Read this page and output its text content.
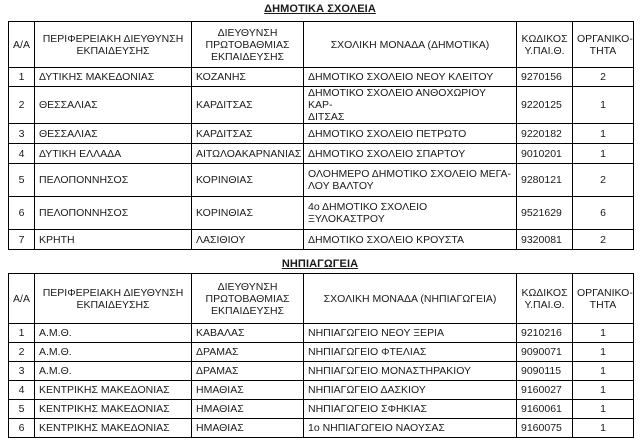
ΔΗΜΟΤΙΚΑ ΣΧΟΛΕΙΑ
Α/Α	ΠΕΡΙΦΕΡΕΙΑΚΗ ΔΙΕΥΘΥΝΣΗ ΕΚΠΑΙΔΕΥΣΗΣ	ΔΙΕΥΘΥΝΣΗ ΠΡΩΤΟΒΑΘΜΙΑΣ ΕΚΠΑΙΔΕΥΣΗΣ	ΣΧΟΛΙΚΗ ΜΟΝΑΔΑ (ΔΗΜΟΤΙΚΑ)	ΚΩΔΙΚΟΣ Υ.ΠΑΙ.Θ.	ΟΡΓΑΝΙΚΟ-ΤΗΤΑ
1	ΔΥΤΙΚΗΣ ΜΑΚΕΔΟΝΙΑΣ	ΚΟΖΑΝΗΣ	ΔΗΜΟΤΙΚΟ ΣΧΟΛΕΙΟ ΝΕΟΥ ΚΛΕΙΤΟΥ	9270156	2
2	ΘΕΣΣΑΛΙΑΣ	ΚΑΡΔΙΤΣΑΣ	ΔΗΜΟΤΙΚΟ ΣΧΟΛΕΙΟ ΑΝΘΟΧΩΡΙΟΥ ΚΑΡ-
ΔΙΤΣΑΣ	9220125	1
3	ΘΕΣΣΑΛΙΑΣ	ΚΑΡΔΙΤΣΑΣ	ΔΗΜΟΤΙΚΟ ΣΧΟΛΕΙΟ ΠΕΤΡΩΤΟ	9220182	1
4	ΔΥΤΙΚΗ ΕΛΛΑΔΑ	ΑΙΤΩΛΟΑΚΑΡΝΑΝΙΑΣ	ΔΗΜΟΤΙΚΟ ΣΧΟΛΕΙΟ ΣΠΑΡΤΟΥ	9010201	1
5	ΠΕΛΟΠΟΝΝΗΣΟΣ	ΚΟΡΙΝΘΙΑΣ	ΟΛΟΗΜΕΡΟ ΔΗΜΟΤΙΚΟ ΣΧΟΛΕΙΟ ΜΕΓΑ-
ΛΟΥ ΒΑΛΤΟΥ	9280121	2
6	ΠΕΛΟΠΟΝΝΗΣΟΣ	ΚΟΡΙΝΘΙΑΣ	4ο ΔΗΜΟΤΙΚΟ ΣΧΟΛΕΙΟ
ΞΥΛΟΚΑΣΤΡΟΥ	9521629	6
7	ΚΡΗΤΗ	ΛΑΣΙΘΙΟΥ	ΔΗΜΟΤΙΚΟ ΣΧΟΛΕΙΟ ΚΡΟΥΣΤΑ	9320081	2
ΝΗΠΙΑΓΩΓΕΙΑ
Α/Α	ΠΕΡΙΦΕΡΕΙΑΚΗ ΔΙΕΥΘΥΝΣΗ ΕΚΠΑΙΔΕΥΣΗΣ	ΔΙΕΥΘΥΝΣΗ ΠΡΩΤΟΒΑΘΜΙΑΣ ΕΚΠΑΙΔΕΥΣΗΣ	ΣΧΟΛΙΚΗ ΜΟΝΑΔΑ (ΝΗΠΙΑΓΩΓΕΙΑ)	ΚΩΔΙΚΟΣ Υ.ΠΑΙ.Θ.	ΟΡΓΑΝΙΚΟ-ΤΗΤΑ
1	Α.Μ.Θ.	ΚΑΒΑΛΑΣ	ΝΗΠΙΑΓΩΓΕΙΟ ΝΕΟΥ ΞΕΡΙΑ	9210216	1
2	Α.Μ.Θ.	ΔΡΑΜΑΣ	ΝΗΠΙΑΓΩΓΕΙΟ ΦΤΕΛΙΑΣ	9090071	1
3	Α.Μ.Θ.	ΔΡΑΜΑΣ	ΝΗΠΙΑΓΩΓΕΙΟ ΜΟΝΑΣΤΗΡΑΚΙΟΥ	9090115	1
4	ΚΕΝΤΡΙΚΗΣ ΜΑΚΕΔΟΝΙΑΣ	ΗΜΑΘΙΑΣ	ΝΗΠΙΑΓΩΓΕΙΟ ΔΑΣΚΙΟΥ	9160027	1
5	ΚΕΝΤΡΙΚΗΣ ΜΑΚΕΔΟΝΙΑΣ	ΗΜΑΘΙΑΣ	ΝΗΠΙΑΓΩΓΕΙΟ ΣΦΗΚΙΑΣ	9160061	1
6	ΚΕΝΤΡΙΚΗΣ ΜΑΚΕΔΟΝΙΑΣ	ΗΜΑΘΙΑΣ	1ο ΝΗΠΙΑΓΩΓΕΙΟ ΝΑΟΥΣΑΣ	9160075	1
